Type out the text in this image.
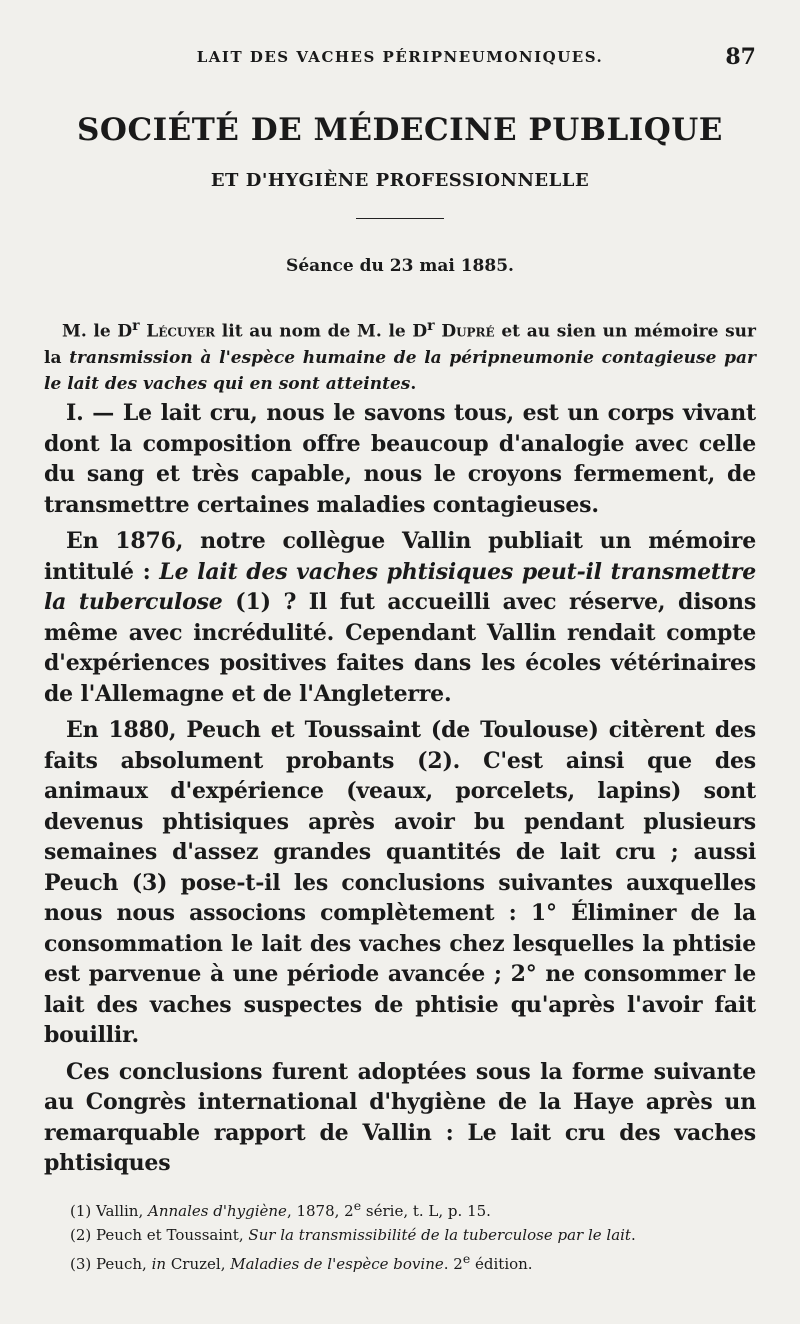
LAIT DES VACHES PÉRIPNEUMONIQUES.	87
SOCIÉTÉ DE MÉDECINE PUBLIQUE
ET D'HYGIÈNE PROFESSIONNELLE
Séance du 23 mai 1885.

M. le $D^r$ Lécuyer lit au nom de M. le $D^r$ Dupré et au sien un mémoire sur la transmission à l'espèce humaine de la péripneumonie contagieuse par le lait des vaches qui en sont atteintes.

I. — Le lait cru, nous le savons tous, est un corps vivant dont la composition offre beaucoup d'analogie avec celle du sang et très capable, nous le croyons fermement, de transmettre certaines maladies contagieuses.

En 1876, notre collègue Vallin publiait un mémoire intitulé : Le lait des vaches phtisiques peut-il transmettre la tuberculose (1) ? Il fut accueilli avec réserve, disons même avec incrédulité. Cependant Vallin rendait compte d'expériences positives faites dans les écoles vétérinaires de l'Allemagne et de l'Angleterre.

En 1880, Peuch et Toussaint (de Toulouse) citèrent des faits absolument probants (2). C'est ainsi que des animaux d'expérience (veaux, porcelets, lapins) sont devenus phtisiques après avoir bu pendant plusieurs semaines d'assez grandes quantités de lait cru ; aussi Peuch (3) pose-t-il les conclusions suivantes auxquelles nous nous associons complètement : 1° Éliminer de la consommation le lait des vaches chez lesquelles la phtisie est parvenue à une période avancée ; 2° ne consommer le lait des vaches suspectes de phtisie qu'après l'avoir fait bouillir.

Ces conclusions furent adoptées sous la forme suivante au Congrès international d'hygiène de la Haye après un remarquable rapport de Vallin : Le lait cru des vaches phtisiques

(1) Vallin, Annales d'hygiène, 1878, 2e série, t. L, p. 15.

(2) Peuch et Toussaint, Sur la transmissibilité de la tuberculose par le lait.

(3) Peuch, in Cruzel, Maladies de l'espèce bovine. 2e édition.
